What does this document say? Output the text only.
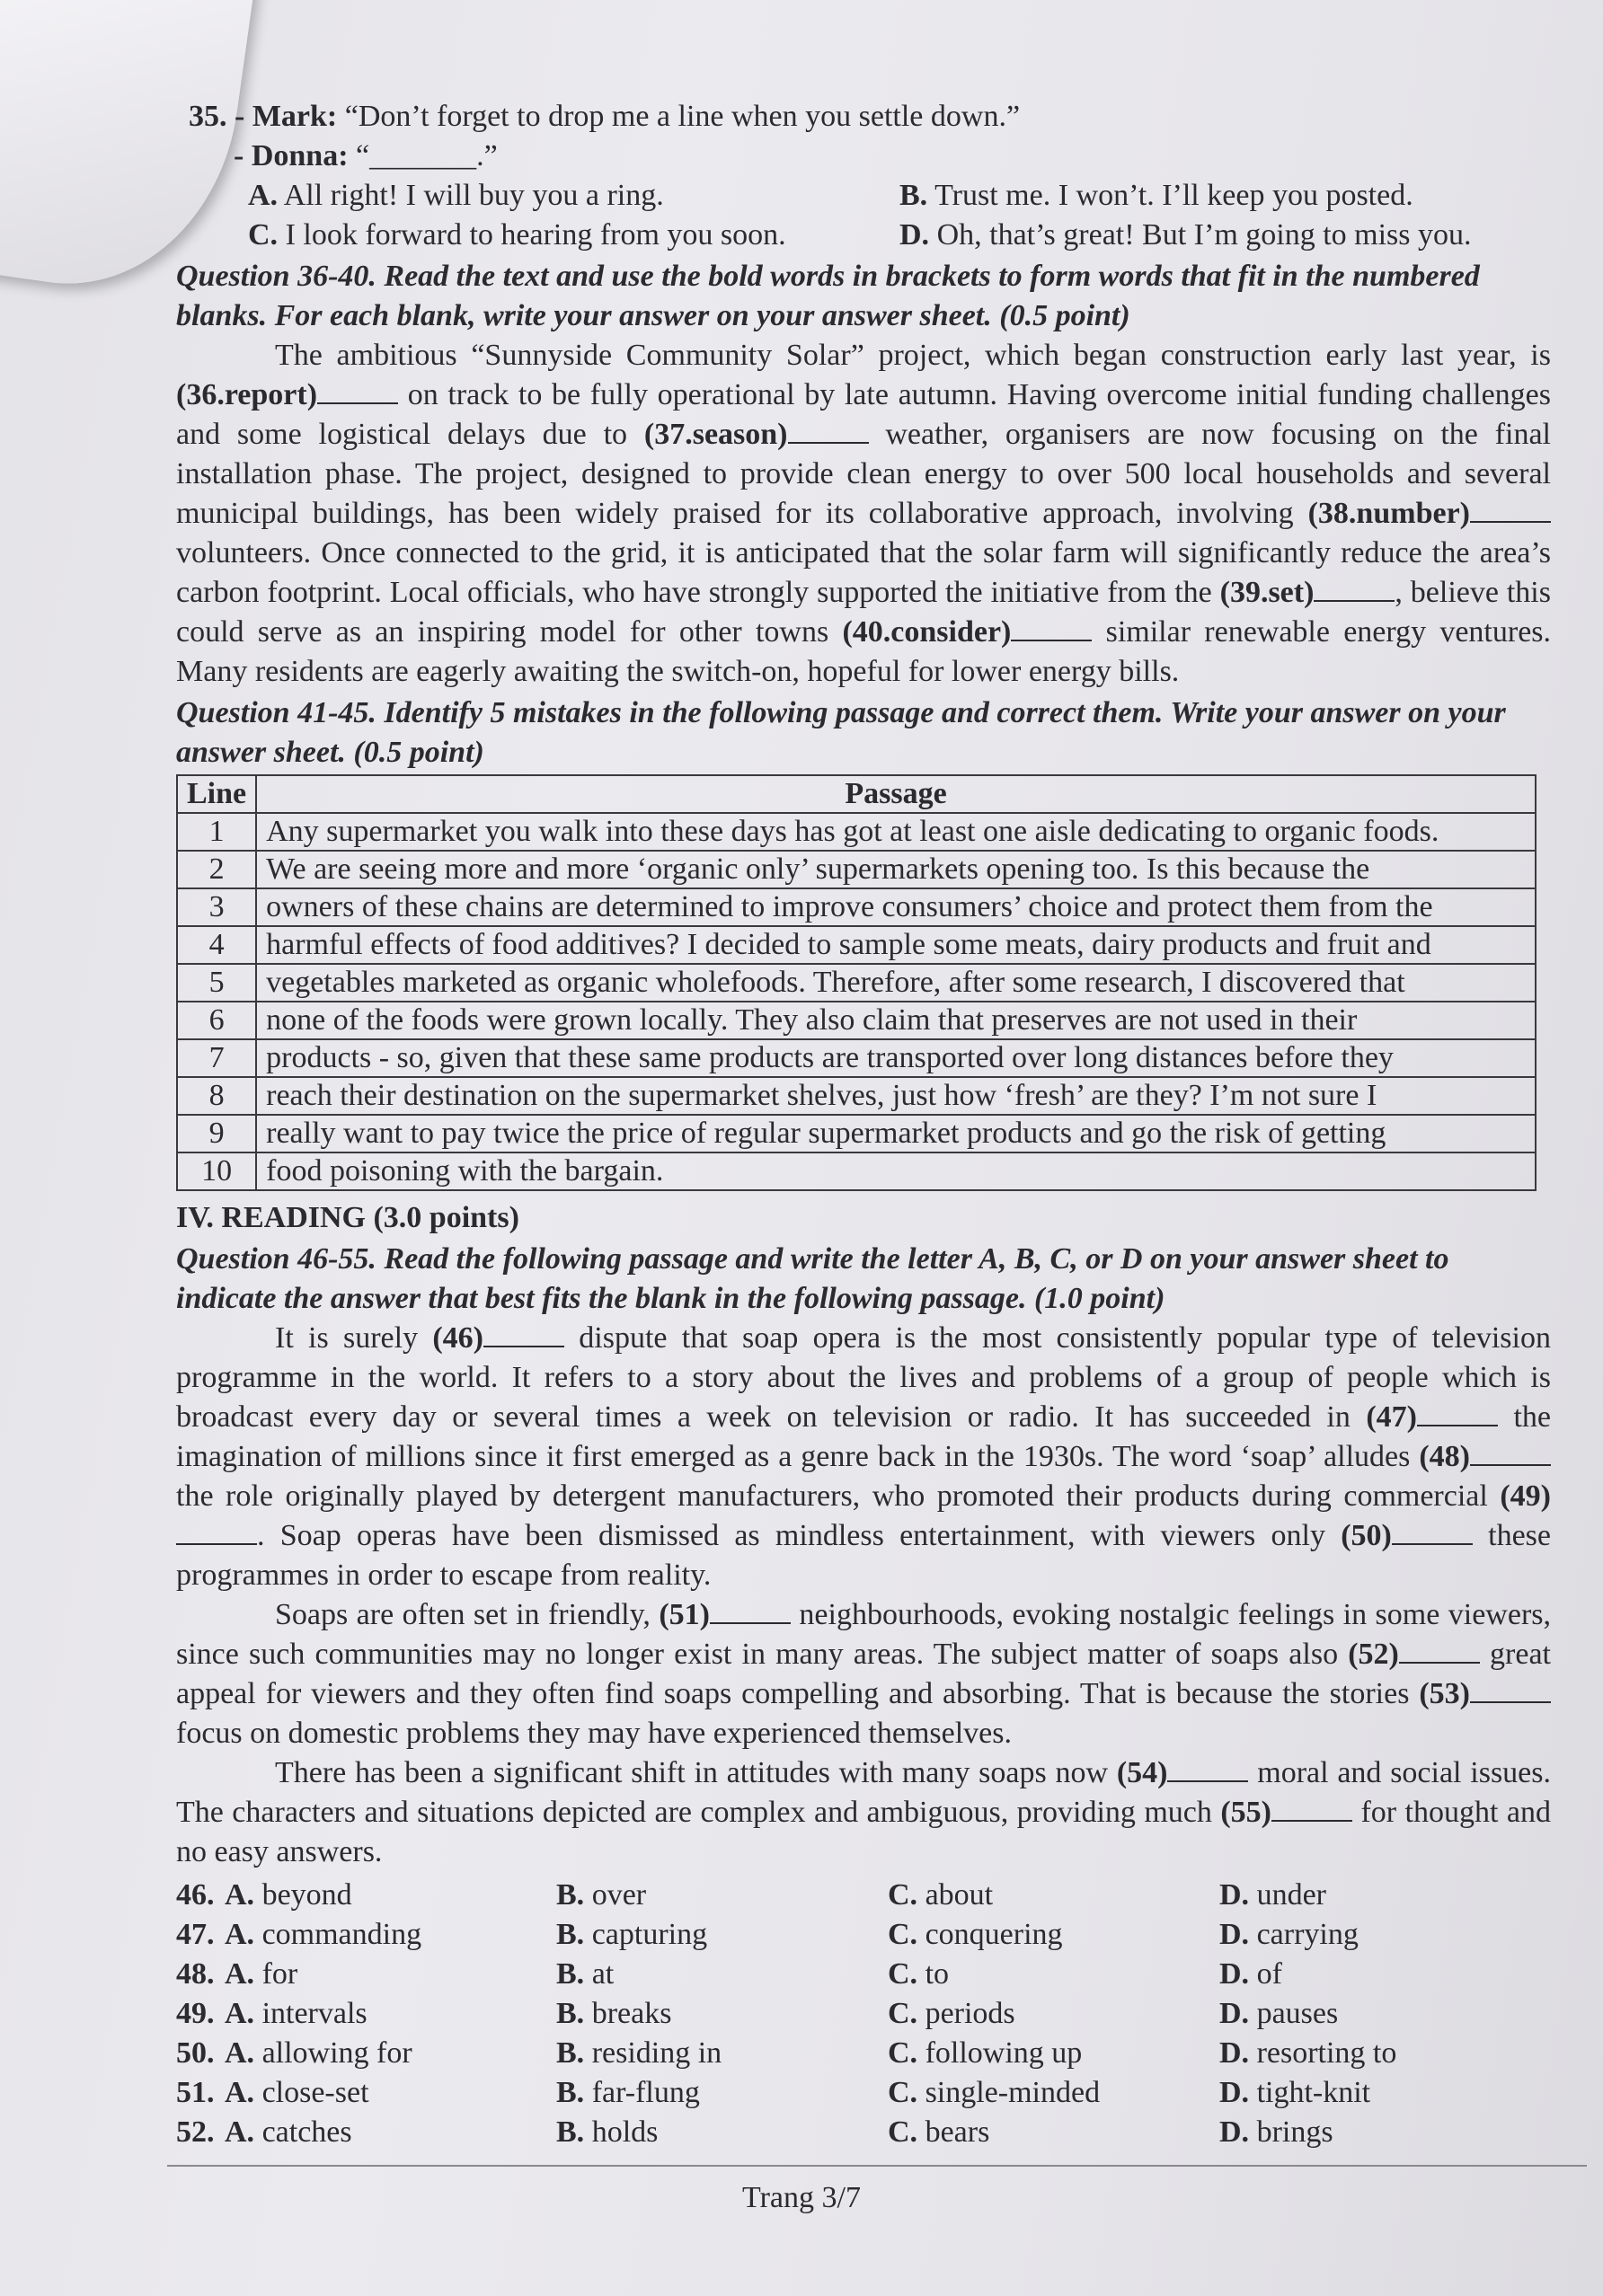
35. - Mark: “Don’t forget to drop me a line when you settle down.”
- Donna: “_______.”
A. All right! I will buy you a ring.	B. Trust me. I won’t. I’ll keep you posted.
C. I look forward to hearing from you soon.	D. Oh, that’s great! But I’m going to miss you.
Question 36-40. Read the text and use the bold words in brackets to form words that fit in the numbered blanks. For each blank, write your answer on your answer sheet. (0.5 point)

The ambitious “Sunnyside Community Solar” project, which began construction early last year, is (36.report)	on track to be fully operational by late autumn. Having overcome initial funding challenges and some logistical delays due to (37.season)	weather, organisers are now focusing on the final installation phase. The project, designed to provide clean energy to over 500 local households and several municipal buildings, has been widely praised for its collaborative approach, involving (38.number) volunteers. Once connected to the grid, it is anticipated that the solar farm will significantly reduce the area’s carbon footprint. Local officials, who have strongly supported the initiative from the (39.set)	, believe this could serve as an inspiring model for other towns (40.consider)	similar renewable energy ventures. Many residents are eagerly awaiting the switch-on, hopeful for lower energy bills.

Question 41-45. Identify 5 mistakes in the following passage and correct them. Write your answer on your answer sheet. (0.5 point)
Line	Passage
1	Any supermarket you walk into these days has got at least one aisle dedicating to organic foods.
2	We are seeing more and more ‘organic only’ supermarkets opening too. Is this because the
3	owners of these chains are determined to improve consumers’ choice and protect them from the
4	harmful effects of food additives? I decided to sample some meats, dairy products and fruit and
5	vegetables marketed as organic wholefoods. Therefore, after some research, I discovered that
6	none of the foods were grown locally. They also claim that preserves are not used in their
7	products - so, given that these same products are transported over long distances before they
8	reach their destination on the supermarket shelves, just how ‘fresh’ are they? I’m not sure I
9	really want to pay twice the price of regular supermarket products and go the risk of getting
10	food poisoning with the bargain.
IV. READING (3.0 points)
Question 46-55. Read the following passage and write the letter A, B, C, or D on your answer sheet to indicate the answer that best fits the blank in the following passage. (1.0 point)

It is surely (46)	dispute that soap opera is the most consistently popular type of television programme in the world. It refers to a story about the lives and problems of a group of people which is broadcast every day or several times a week on television or radio. It has succeeded in (47)	the imagination of millions since it first emerged as a genre back in the 1930s. The word ‘soap’ alludes (48) the role originally played by detergent manufacturers, who promoted their products during commercial (49). Soap operas have been dismissed as mindless entertainment, with viewers only (50)	these programmes in order to escape from reality.

Soaps are often set in friendly, (51)	neighbourhoods, evoking nostalgic feelings in some viewers, since such communities may no longer exist in many areas. The subject matter of soaps also (52)	great appeal for viewers and they often find soaps compelling and absorbing. That is because the stories (53) focus on domestic problems they may have experienced themselves.

There has been a significant shift in attitudes with many soaps now (54)	moral and social issues. The characters and situations depicted are complex and ambiguous, providing much (55)	for thought and no easy answers.

46. A. beyond	B. over	C. about	D. under
47. A. commanding	B. capturing	C. conquering	D. carrying
48. A. for	B. at	C. to	D. of
49. A. intervals	B. breaks	C. periods	D. pauses
50. A. allowing for	B. residing in	C. following up	D. resorting to
51. A. close-set	B. far-flung	C. single-minded	D. tight-knit
52. A. catches	B. holds	C. bears	D. brings
Trang 3/7
